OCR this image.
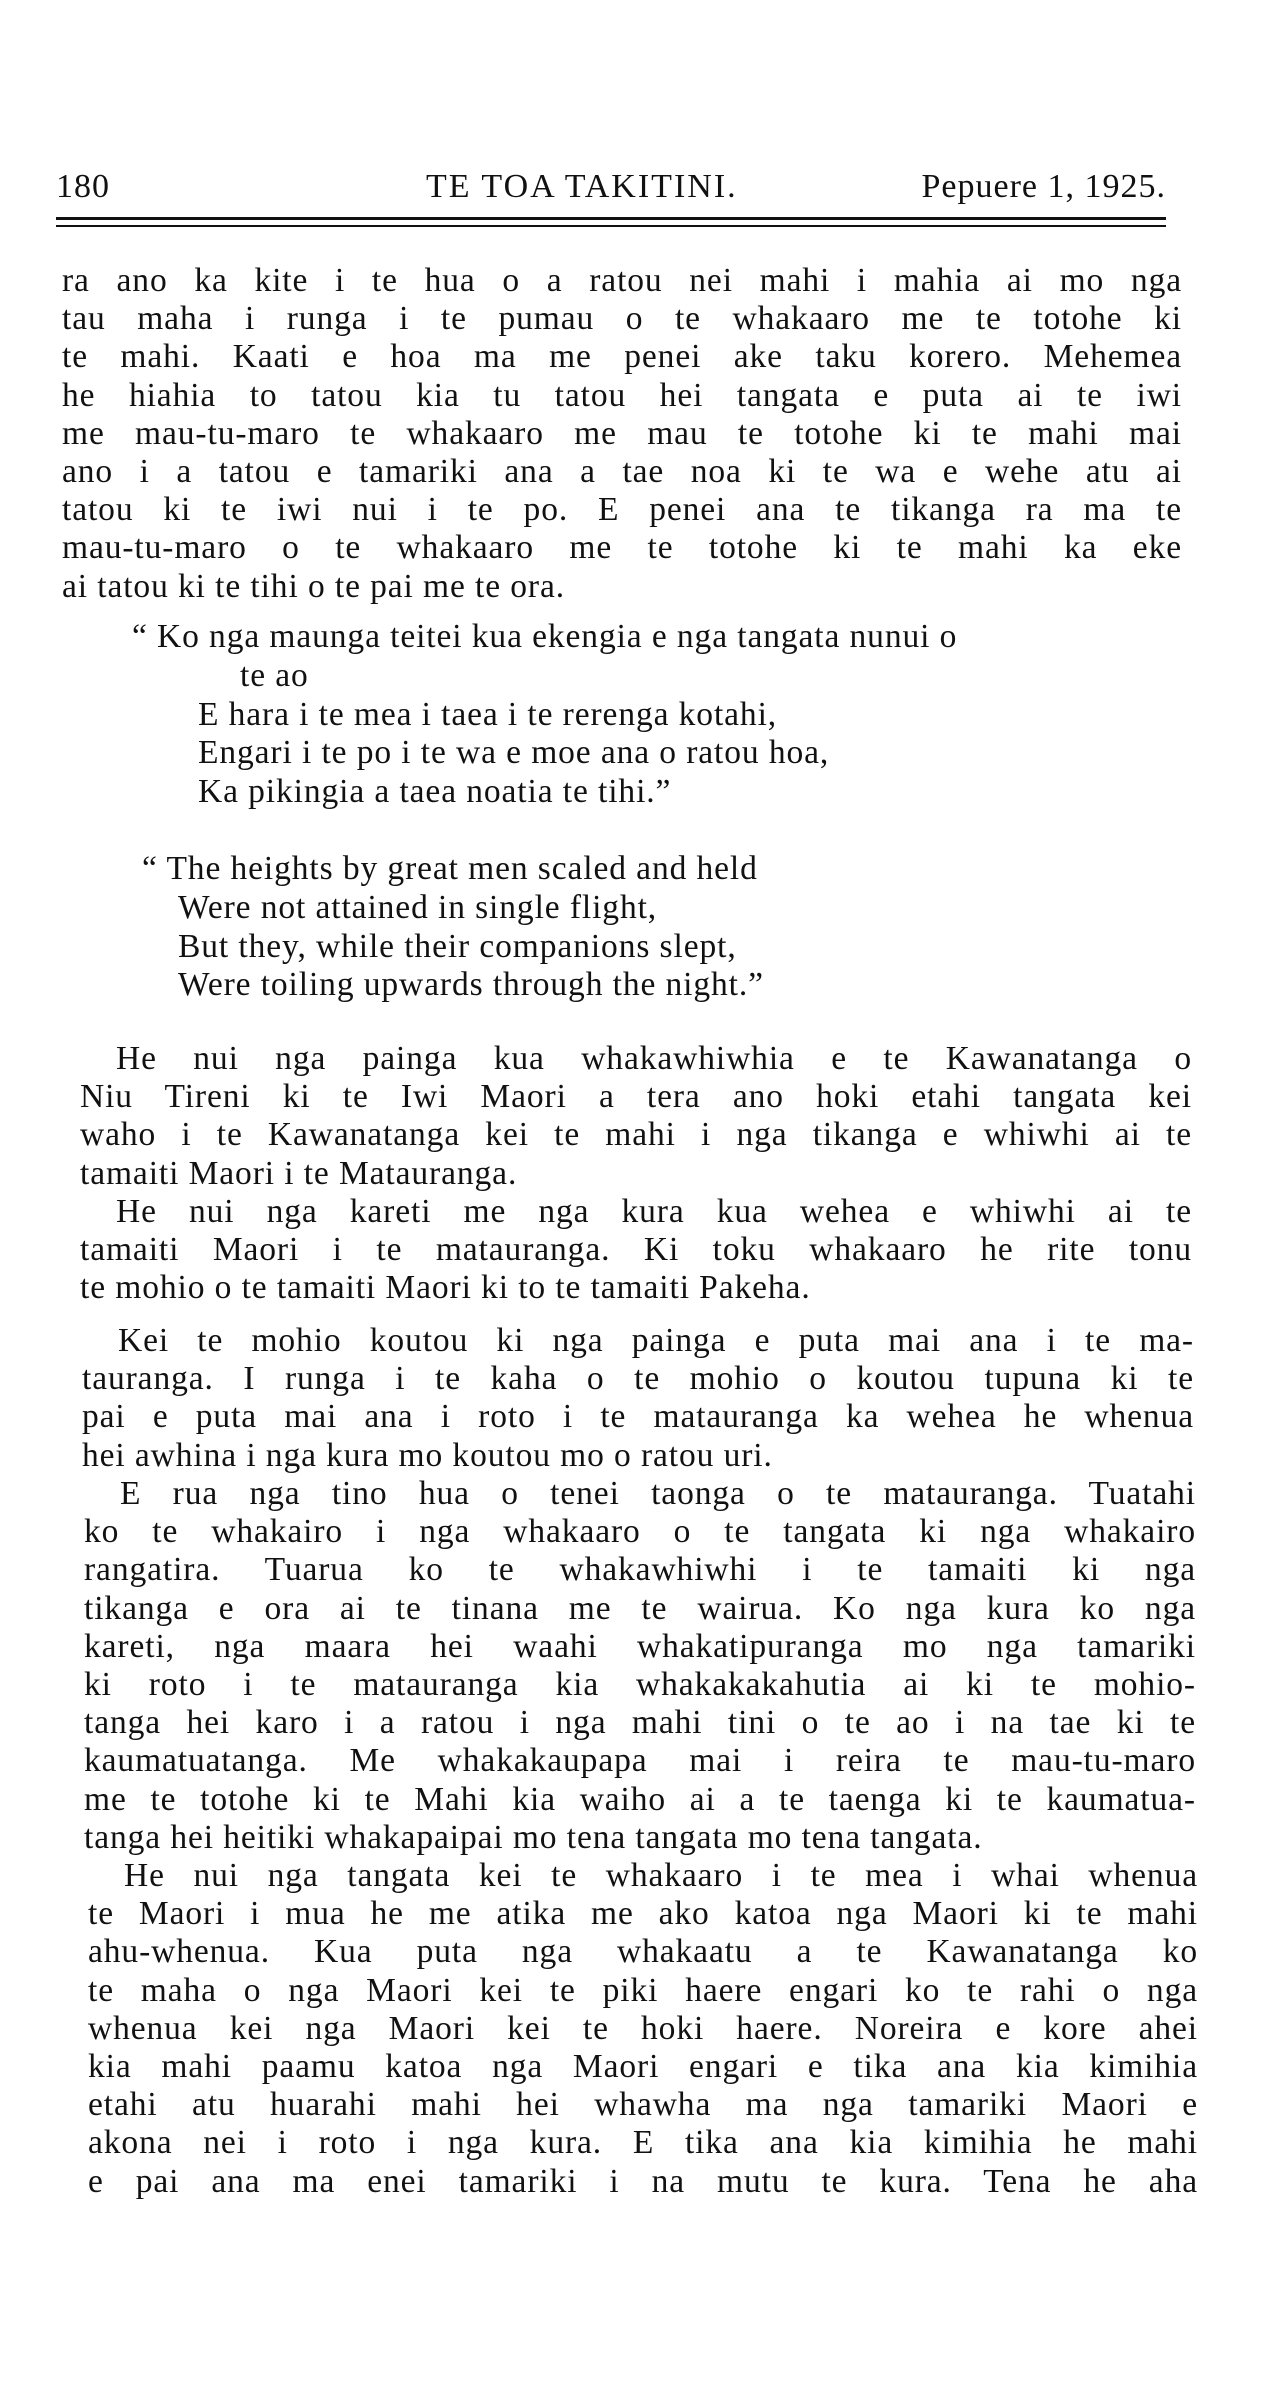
180	TE TOA TAKITINI.	Pepuere 1, 1925.

ra ano ka kite i te hua o a ratou nei mahi i mahia ai mo nga

tau maha i runga i te pumau o te whakaaro me te totohe ki

te mahi. Kaati e hoa ma me penei ake taku korero. Mehemea

he hiahia to tatou kia tu tatou hei tangata e puta ai te iwi

me mau-tu-maro te whakaaro me mau te totohe ki te mahi mai

ano i a tatou e tamariki ana a tae noa ki te wa e wehe atu ai

tatou ki te iwi nui i te po. E penei ana te tikanga ra ma te

mau-tu-maro o te whakaaro me te totohe ki te mahi ka eke

ai tatou ki te tihi o te pai me te ora.

“ Ko nga maunga teitei kua ekengia e nga tangata nunui o

te ao

E hara i te mea i taea i te rerenga kotahi,

Engari i te po i te wa e moe ana o ratou hoa,

Ka pikingia a taea noatia te tihi.”

“ The heights by great men scaled and held

Were not attained in single flight,

But they, while their companions slept,

Were toiling upwards through the night.”

He nui nga painga kua whakawhiwhia e te Kawanatanga o

Niu Tireni ki te Iwi Maori a tera ano hoki etahi tangata kei

waho i te Kawanatanga kei te mahi i nga tikanga e whiwhi ai te

tamaiti Maori i te Matauranga.

He nui nga kareti me nga kura kua wehea e whiwhi ai te

tamaiti Maori i te matauranga. Ki toku whakaaro he rite tonu

te mohio o te tamaiti Maori ki to te tamaiti Pakeha.

Kei te mohio koutou ki nga painga e puta mai ana i te ma-

tauranga. I runga i te kaha o te mohio o koutou tupuna ki te

pai e puta mai ana i roto i te matauranga ka wehea he whenua

hei awhina i nga kura mo koutou mo o ratou uri.

E rua nga tino hua o tenei taonga o te matauranga. Tuatahi

ko te whakairo i nga whakaaro o te tangata ki nga whakairo

rangatira. Tuarua ko te whakawhiwhi i te tamaiti ki nga

tikanga e ora ai te tinana me te wairua. Ko nga kura ko nga

kareti, nga maara hei waahi whakatipuranga mo nga tamariki

ki roto i te matauranga kia whakakakahutia ai ki te mohio-

tanga hei karo i a ratou i nga mahi tini o te ao i na tae ki te

kaumatuatanga. Me whakakaupapa mai i reira te mau-tu-maro

me te totohe ki te Mahi kia waiho ai a te taenga ki te kaumatua-

tanga hei heitiki whakapaipai mo tena tangata mo tena tangata.

He nui nga tangata kei te whakaaro i te mea i whai whenua

te Maori i mua he me atika me ako katoa nga Maori ki te mahi

ahu-whenua. Kua puta nga whakaatu a te Kawanatanga ko

te maha o nga Maori kei te piki haere engari ko te rahi o nga

whenua kei nga Maori kei te hoki haere. Noreira e kore ahei

kia mahi paamu katoa nga Maori engari e tika ana kia kimihia

etahi atu huarahi mahi hei whawha ma nga tamariki Maori e

akona nei i roto i nga kura. E tika ana kia kimihia he mahi

e pai ana ma enei tamariki i na mutu te kura. Tena he aha
